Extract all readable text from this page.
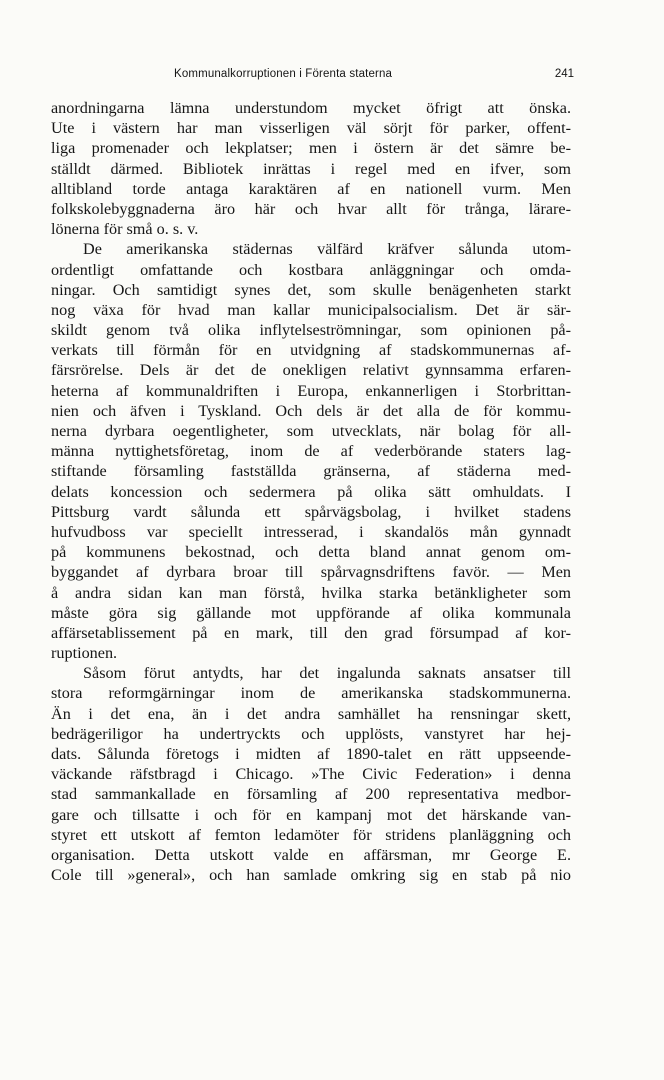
Kommunalkorruptionen i Förenta staterna	241
anordningarna lämna understundom mycket öfrigt att önska.
Ute i västern har man visserligen väl sörjt för parker, offent-
liga promenader och lekplatser; men i östern är det sämre be-
ställdt därmed. Bibliotek inrättas i regel med en ifver, som
alltibland torde antaga karaktären af en nationell vurm. Men
folkskolebyggnaderna äro här och hvar allt för trånga, lärare-
lönerna för små o. s. v.
De amerikanska städernas välfärd kräfver sålunda utom-
ordentligt omfattande och kostbara anläggningar och omda-
ningar. Och samtidigt synes det, som skulle benägenheten starkt
nog växa för hvad man kallar municipalsocialism. Det är sär-
skildt genom två olika inflytelseströmningar, som opinionen på-
verkats till förmån för en utvidgning af stadskommunernas af-
färsrörelse. Dels är det de onekligen relativt gynnsamma erfaren-
heterna af kommunaldriften i Europa, enkannerligen i Storbrittan-
nien och äfven i Tyskland. Och dels är det alla de för kommu-
nerna dyrbara oegentligheter, som utvecklats, när bolag för all-
männa nyttighetsföretag, inom de af vederbörande staters lag-
stiftande församling fastställda gränserna, af städerna med-
delats koncession och sedermera på olika sätt omhuldats. I
Pittsburg vardt sålunda ett spårvägsbolag, i hvilket stadens
hufvudboss var speciellt intresserad, i skandalös mån gynnadt
på kommunens bekostnad, och detta bland annat genom om-
byggandet af dyrbara broar till spårvagnsdriftens favör. — Men
å andra sidan kan man förstå, hvilka starka betänkligheter som
måste göra sig gällande mot uppförande af olika kommunala
affärsetablissement på en mark, till den grad försumpad af kor-
ruptionen.
Såsom förut antydts, har det ingalunda saknats ansatser till
stora reformgärningar inom de amerikanska stadskommunerna.
Än i det ena, än i det andra samhället ha rensningar skett,
bedrägeriligor ha undertryckts och upplösts, vanstyret har hej-
dats. Sålunda företogs i midten af 1890-talet en rätt uppseende-
väckande räfstbragd i Chicago. »The Civic Federation» i denna
stad sammankallade en församling af 200 representativa medbor-
gare och tillsatte i och för en kampanj mot det härskande van-
styret ett utskott af femton ledamöter för stridens planläggning och
organisation. Detta utskott valde en affärsman, mr George E.
Cole till »general», och han samlade omkring sig en stab på nio
